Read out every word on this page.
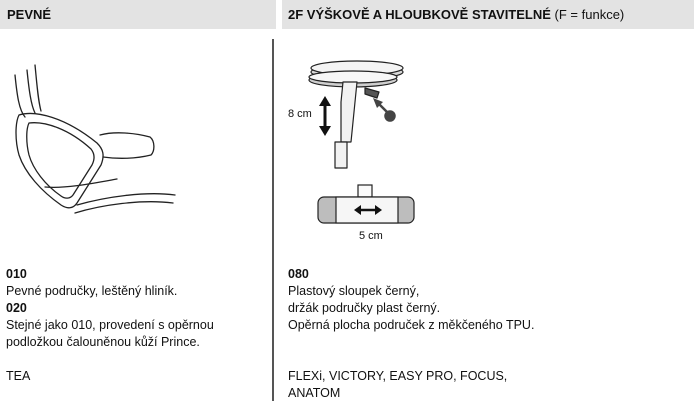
PEVNÉ	2F VÝŠKOVĚ A HLOUBKOVĚ STAVITELNÉ
(F = funkce)
8 cm
5 cm
010
Pevné područky, leštěný hliník.
020
Stejné jako 010, provedení s opěrnou
podložkou čalouněnou kůží Prince.
TEA
080
Plastový sloupek černý,
držák područky plast černý.
Opěrná plocha područek z měkčeného TPU.
FLEXi, VICTORY, EASY PRO, FOCUS,
ANATOM
